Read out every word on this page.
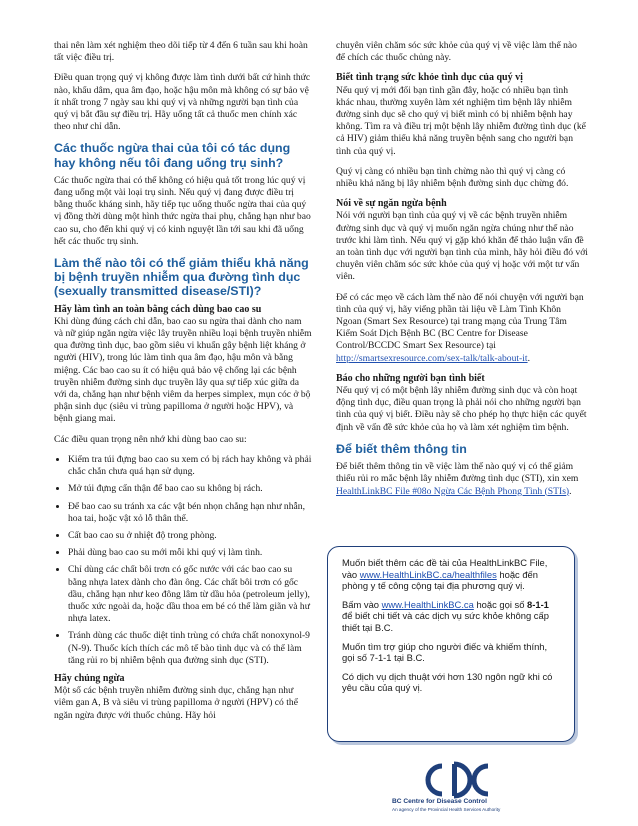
thai nên làm xét nghiệm theo dõi tiếp từ 4 đến 6 tuần sau khi hoàn tất việc điều trị.

Điều quan trọng quý vị không được làm tình dưới bất cứ hình thức nào, khẩu dâm, qua âm đạo, hoặc hậu môn mà không có sự bảo vệ ít nhất trong 7 ngày sau khi quý vị và những người bạn tình của quý vị bắt đầu sự điều trị. Hãy uống tất cả thuốc men chính xác theo như chỉ dẫn.

Các thuốc ngừa thai của tôi có tác dụng hay không nếu tôi đang uống trụ sinh?

Các thuốc ngừa thai có thể không có hiệu quả tốt trong lúc quý vị đang uống một vài loại trụ sinh. Nếu quý vị đang được điều trị bằng thuốc kháng sinh, hãy tiếp tục uống thuốc ngừa thai của quý vị đồng thời dùng một hình thức ngừa thai phụ, chẳng hạn như bao cao su, cho đến khi quý vị có kinh nguyệt lần tới sau khi đã uống hết các thuốc trụ sinh.

Làm thế nào tôi có thể giảm thiểu khả năng bị bệnh truyền nhiễm qua đường tình dục (sexually transmitted disease/STI)?
Hãy làm tình an toàn bằng cách dùng bao cao su

Khi dùng đúng cách chỉ dẫn, bao cao su ngừa thai dành cho nam và nữ giúp ngăn ngừa việc lây truyền nhiều loại bệnh truyền nhiễm qua đường tình dục, bao gồm siêu vi khuẩn gây bệnh liệt kháng ở người (HIV), trong lúc làm tình qua âm đạo, hậu môn và bằng miệng. Các bao cao su ít có hiệu quả bảo vệ chống lại các bệnh truyền nhiễm đường sinh dục truyền lây qua sự tiếp xúc giữa da với da, chẳng hạn như bệnh viêm da herpes simplex, mụn cóc ở bộ phận sinh dục (siêu vi trùng papilloma ở người hoặc HPV), và bệnh giang mai.

Các điều quan trọng nên nhớ khi dùng bao cao su:

• Kiểm tra túi đựng bao cao su xem có bị rách hay không và phải chắc chắn chưa quá hạn sử dụng.
• Mở túi đựng cẩn thận để bao cao su không bị rách.
• Để bao cao su tránh xa các vật bén nhọn chẳng hạn như nhẫn, hoa tai, hoặc vật xỏ lỗ thân thể.
• Cất bao cao su ở nhiệt độ trong phòng.
• Phải dùng bao cao su mới mỗi khi quý vị làm tình.
• Chỉ dùng các chất bôi trơn có gốc nước với các bao cao su bằng nhựa latex dành cho đàn ông. Các chất bôi trơn có gốc dầu, chẳng hạn như keo đông lâm từ dầu hỏa (petroleum jelly), thuốc xức ngoài da, hoặc dầu thoa em bé có thể làm giãn và hư nhựa latex.
• Tránh dùng các thuốc diệt tinh trùng có chứa chất nonoxynol-9 (N-9). Thuốc kích thích các mô tế bào tình dục và có thể làm tăng rủi ro bị nhiễm bệnh qua đường sinh dục (STI).
Hãy chủng ngừa

Một số các bệnh truyền nhiễm đường sinh dục, chẳng hạn như viêm gan A, B và siêu vi trùng papilloma ở người (HPV) có thể ngăn ngừa được với thuốc chủng. Hãy hỏi

chuyên viên chăm sóc sức khỏe của quý vị về việc làm thế nào để chích các thuốc chủng này.

Biết tình trạng sức khỏe tình dục của quý vị

Nếu quý vị mới đổi bạn tình gần đây, hoặc có nhiều bạn tình khác nhau, thường xuyên làm xét nghiệm tìm bệnh lây nhiễm đường sinh dục sẽ cho quý vị biết mình có bị nhiễm bệnh hay không. Tìm ra và điều trị một bệnh lây nhiễm đường tình dục (kể cả HIV) giảm thiểu khả năng truyền bệnh sang cho người bạn tình của quý vị.

Quý vị càng có nhiều bạn tình chừng nào thì quý vị càng có nhiều khả năng bị lây nhiễm bệnh đường sinh dục chừng đó.

Nói về sự ngăn ngừa bệnh

Nói với người bạn tình của quý vị về các bệnh truyền nhiễm đường sinh dục và quý vị muốn ngăn ngừa chúng như thế nào trước khi làm tình. Nếu quý vị gặp khó khăn để thảo luận vấn đề an toàn tình dục với người bạn tình của mình, hãy hỏi điều đó với chuyên viên chăm sóc sức khỏe của quý vị hoặc với một tư vấn viên.

Để có các mẹo về cách làm thế nào để nói chuyện với người bạn tình của quý vị, hãy viếng phần tài liệu về Làm Tình Khôn Ngoan (Smart Sex Resource) tại trang mạng của Trung Tâm Kiểm Soát Dịch Bệnh BC (BC Centre for Disease Control/BCCDC Smart Sex Resource) tại http://smartsexresource.com/sex-talk/talk-about-it.

Báo cho những người bạn tình biết

Nếu quý vị có một bệnh lây nhiễm đường sinh dục và còn hoạt động tình dục, điều quan trọng là phải nói cho những người bạn tình của quý vị biết. Điều này sẽ cho phép họ thực hiện các quyết định về vấn đề sức khỏe của họ và làm xét nghiệm tìm bệnh.

Để biết thêm thông tin

Để biết thêm thông tin về việc làm thế nào quý vị có thể giảm thiểu rủi ro mắc bệnh lây nhiễm đường tình dục (STI), xin xem HealthLinkBC File #08o Ngừa Các Bệnh Phong Tình (STIs).

Muốn biết thêm các đề tài của HealthLinkBC File, vào www.HealthLinkBC.ca/healthfiles hoặc đến phòng y tế công cộng tại địa phương quý vị.

Bấm vào www.HealthLinkBC.ca hoặc gọi số 8-1-1 để biết chi tiết và các dịch vụ sức khỏe không cấp thiết tại B.C.

Muốn tìm trợ giúp cho người điếc và khiếm thính, gọi số 7-1-1 tại B.C.

Có dịch vụ dịch thuật với hơn 130 ngôn ngữ khi có yêu cầu của quý vị.

BC Centre for Disease Control
An agency of the Provincial Health Services Authority
